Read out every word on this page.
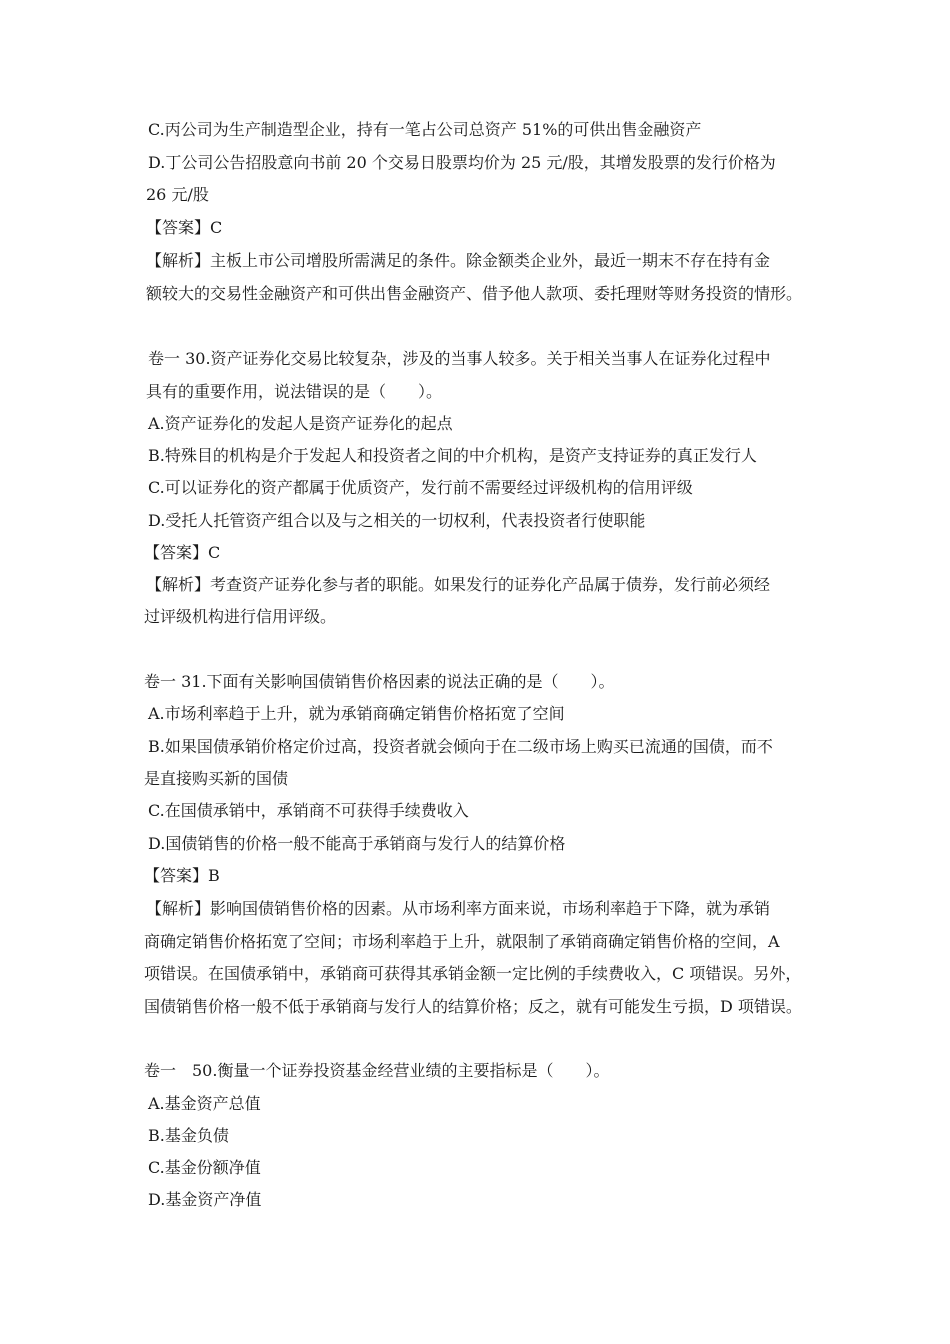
C.丙公司为生产制造型企业，持有一笔占公司总资产 51%的可供出售金融资产
D.丁公司公告招股意向书前 20 个交易日股票均价为 25 元/股，其增发股票的发行价格为
26 元/股
【答案】C
【解析】主板上市公司增股所需满足的条件。除金额类企业外，最近一期末不存在持有金
额较大的交易性金融资产和可供出售金融资产、借予他人款项、委托理财等财务投资的情形。
卷一 30.资产证券化交易比较复杂，涉及的当事人较多。关于相关当事人在证券化过程中
具有的重要作用，说法错误的是（　　）。
A.资产证券化的发起人是资产证券化的起点
B.特殊目的机构是介于发起人和投资者之间的中介机构，是资产支持证券的真正发行人
C.可以证券化的资产都属于优质资产，发行前不需要经过评级机构的信用评级
D.受托人托管资产组合以及与之相关的一切权利，代表投资者行使职能
【答案】C
【解析】考查资产证券化参与者的职能。如果发行的证券化产品属于债券，发行前必须经
过评级机构进行信用评级。
卷一 31.下面有关影响国债销售价格因素的说法正确的是（　　）。
A.市场利率趋于上升，就为承销商确定销售价格拓宽了空间
B.如果国债承销价格定价过高，投资者就会倾向于在二级市场上购买已流通的国债，而不
是直接购买新的国债
C.在国债承销中，承销商不可获得手续费收入
D.国债销售的价格一般不能高于承销商与发行人的结算价格
【答案】B
【解析】影响国债销售价格的因素。从市场利率方面来说，市场利率趋于下降，就为承销
商确定销售价格拓宽了空间；市场利率趋于上升，就限制了承销商确定销售价格的空间，A
项错误。在国债承销中，承销商可获得其承销金额一定比例的手续费收入，C 项错误。另外，
国债销售价格一般不低于承销商与发行人的结算价格；反之，就有可能发生亏损，D 项错误。
卷一　50.衡量一个证券投资基金经营业绩的主要指标是（　　）。
A.基金资产总值
B.基金负债
C.基金份额净值
D.基金资产净值
